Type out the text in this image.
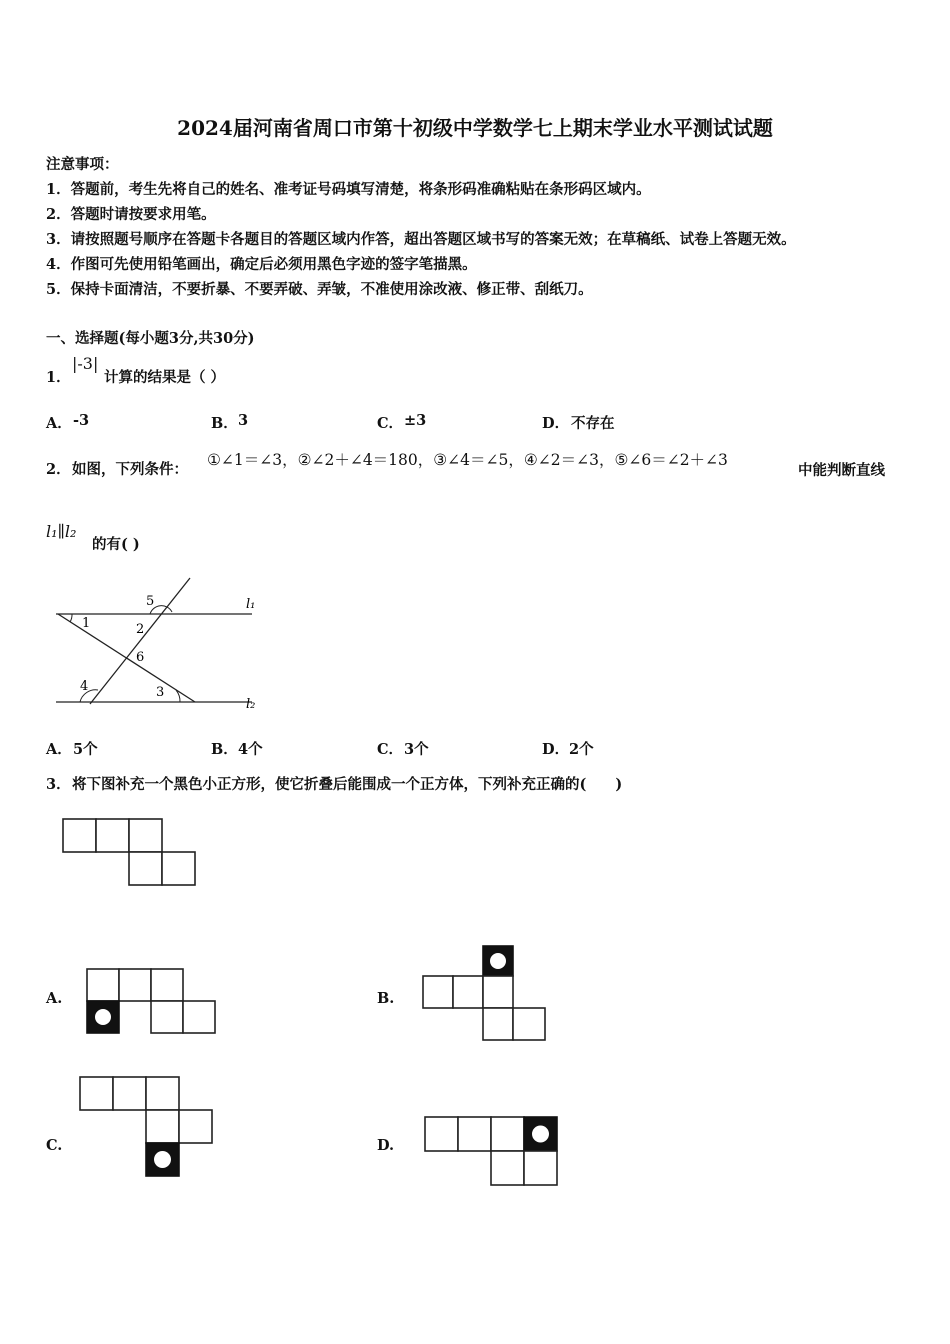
2024届河南省周口市第十初级中学数学七上期末学业水平测试试题
注意事项：
1．答题前，考生先将自己的姓名、准考证号码填写清楚，将条形码准确粘贴在条形码区域内。
2．答题时请按要求用笔。
3．请按照题号顺序在答题卡各题目的答题区域内作答，超出答题区域书写的答案无效；在草稿纸、试卷上答题无效。
4．作图可先使用铅笔画出，确定后必须用黑色字迹的签字笔描黑。
5．保持卡面清洁，不要折暴、不要弄破、弄皱，不准使用涂改液、修正带、刮纸刀。
一、选择题(每小题3分,共30分)
1．
|-3|
计算的结果是（ ）
A． -3	B． 3	C． ±3	D． 不存在
2． 如图，下列条件：
①∠1＝∠3，②∠2＋∠4＝180，③∠4＝∠5，④∠2＝∠3，⑤∠6＝∠2＋∠3
中能判断直线
l₁∥l₂
的有( )
l₁
l₂
1	2
3
4
5
6
A． 5个	B． 4个	C． 3个	D． 2个
3． 将下图补充一个黑色小正方形，使它折叠后能围成一个正方体，下列补充正确的(　　)
A.	B.
C.	D.
